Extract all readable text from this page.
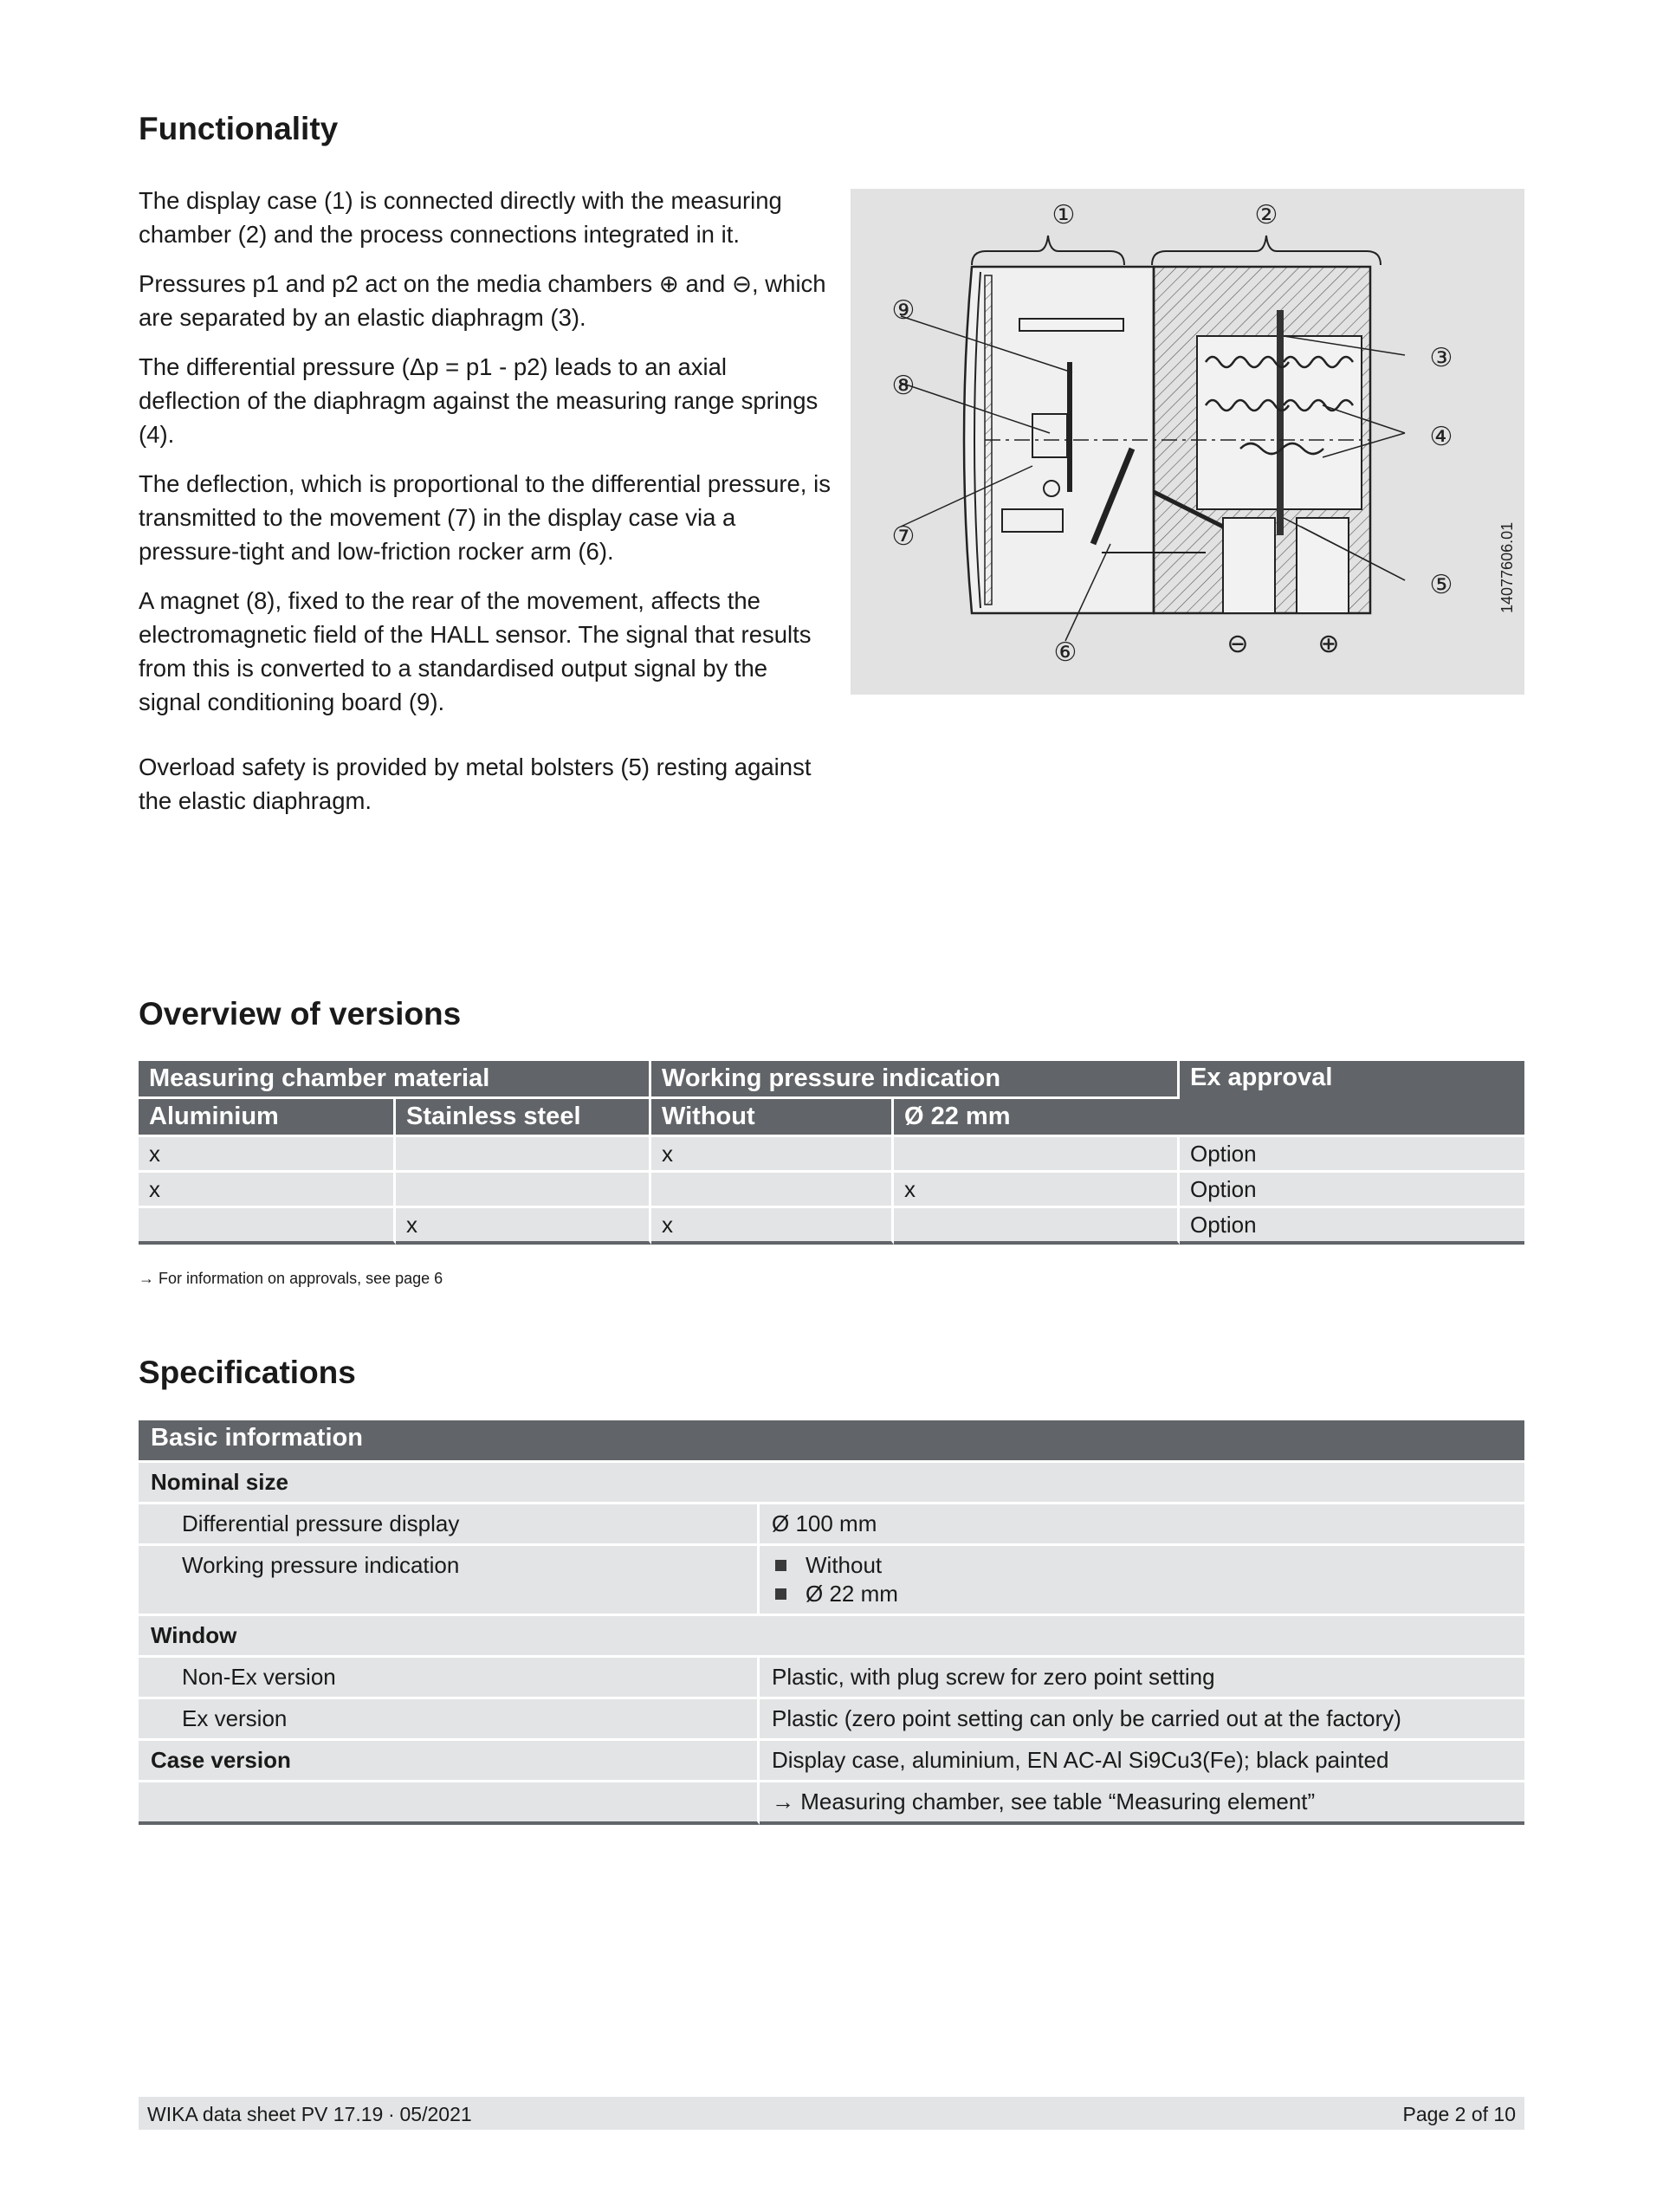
Functionality

The display case (1) is connected directly with the measuring chamber (2) and the process connections integrated in it.

Pressures p1 and p2 act on the media chambers ⊕ and ⊖, which are separated by an elastic diaphragm (3).

The differential pressure (Δp = p1 - p2) leads to an axial deflection of the diaphragm against the measuring range springs (4).

The deflection, which is proportional to the differential pressure, is transmitted to the movement (7) in the display case via a pressure-tight and low-friction rocker arm (6).

A magnet (8), fixed to the rear of the movement, affects the electromagnetic field of the HALL sensor. The signal that results from this is converted to a standardised output signal by the signal conditioning board (9).

Overload safety is provided by metal bolsters (5) resting against the elastic diaphragm.

①	②
③
④
⑤
⑥
⑦
⑧
⑨
⊖	⊕
14077606.01
Overview of versions
Measuring chamber material		Working pressure indication		Ex approval
Aluminium	Stainless steel	Without	Ø 22 mm	
x		x		Option
x			x	Option
	x	x		Option
→ For information on approvals, see page 6
Specifications
Basic information	
Nominal size	
Differential pressure display	Ø 100 mm
Working pressure indication	Without
Ø 22 mm

Window	
Non-Ex version	Plastic, with plug screw for zero point setting
Ex version	Plastic (zero point setting can only be carried out at the factory)
Case version	Display case, aluminium, EN AC-Al Si9Cu3(Fe); black painted
	→ Measuring chamber, see table “Measuring element”
WIKA data sheet PV 17.19 ∙ 05/2021	Page 2 of 10
